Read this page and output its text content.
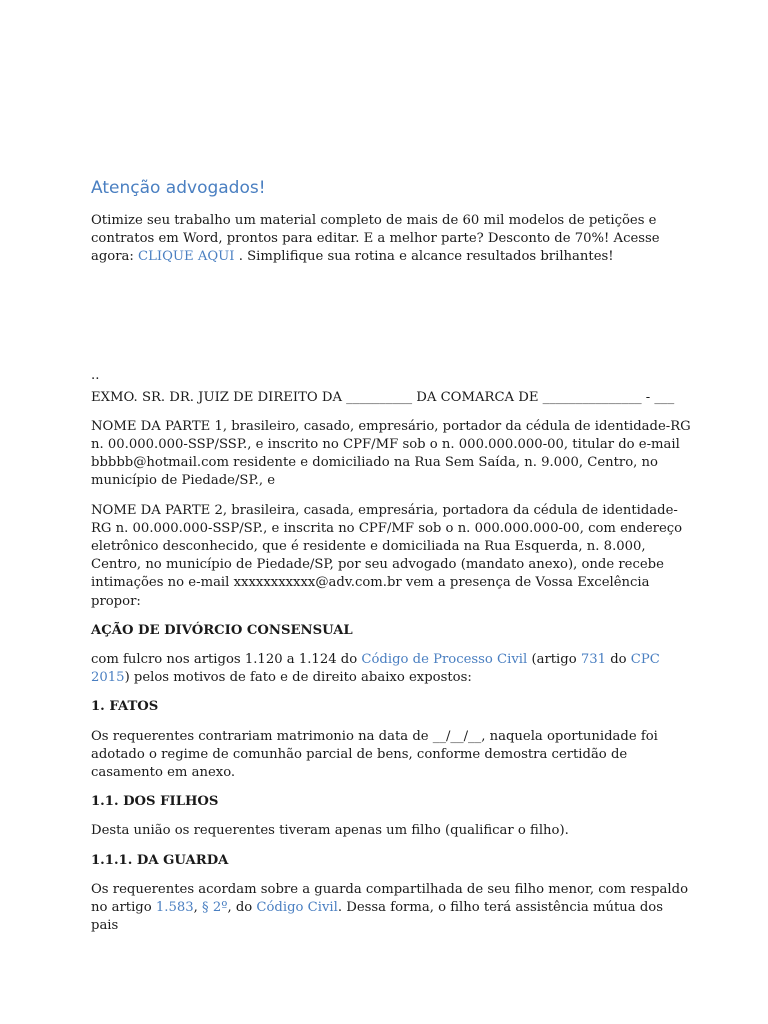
Atenção advogados!

Otimize seu trabalho um material completo de mais de 60 mil modelos de petições e contratos em Word, prontos para editar. E a melhor parte? Desconto de 70%! Acesse agora: CLIQUE AQUI . Simplifique sua rotina e alcance resultados brilhantes!

..

EXMO. SR. DR. JUIZ DE DIREITO DA __________ DA COMARCA DE _______________ - ___

NOME DA PARTE 1, brasileiro, casado, empresário, portador da cédula de identidade-RG n. 00.000.000-SSP/SSP., e inscrito no CPF/MF sob o n. 000.000.000-00, titular do e-mail bbbbb@hotmail.com residente e domiciliado na Rua Sem Saída, n. 9.000, Centro, no município de Piedade/SP., e

NOME DA PARTE 2, brasileira, casada, empresária, portadora da cédula de identidade-RG n. 00.000.000-SSP/SP., e inscrita no CPF/MF sob o n. 000.000.000-00, com endereço eletrônico desconhecido, que é residente e domiciliada na Rua Esquerda, n. 8.000, Centro, no município de Piedade/SP, por seu advogado (mandato anexo), onde recebe intimações no e-mail xxxxxxxxxxx@adv.com.br vem a presença de Vossa Excelência propor:

AÇÃO DE DIVÓRCIO CONSENSUAL

com fulcro nos artigos 1.120 a 1.124 do Código de Processo Civil (artigo 731 do CPC 2015) pelos motivos de fato e de direito abaixo expostos:

1. FATOS

Os requerentes contrariam matrimonio na data de __/__/__, naquela oportunidade foi adotado o regime de comunhão parcial de bens, conforme demostra certidão de casamento em anexo.

1.1. DOS FILHOS

Desta união os requerentes tiveram apenas um filho (qualificar o filho).

1.1.1. DA GUARDA

Os requerentes acordam sobre a guarda compartilhada de seu filho menor, com respaldo no artigo 1.583, § 2º, do Código Civil. Dessa forma, o filho terá assistência mútua dos pais
